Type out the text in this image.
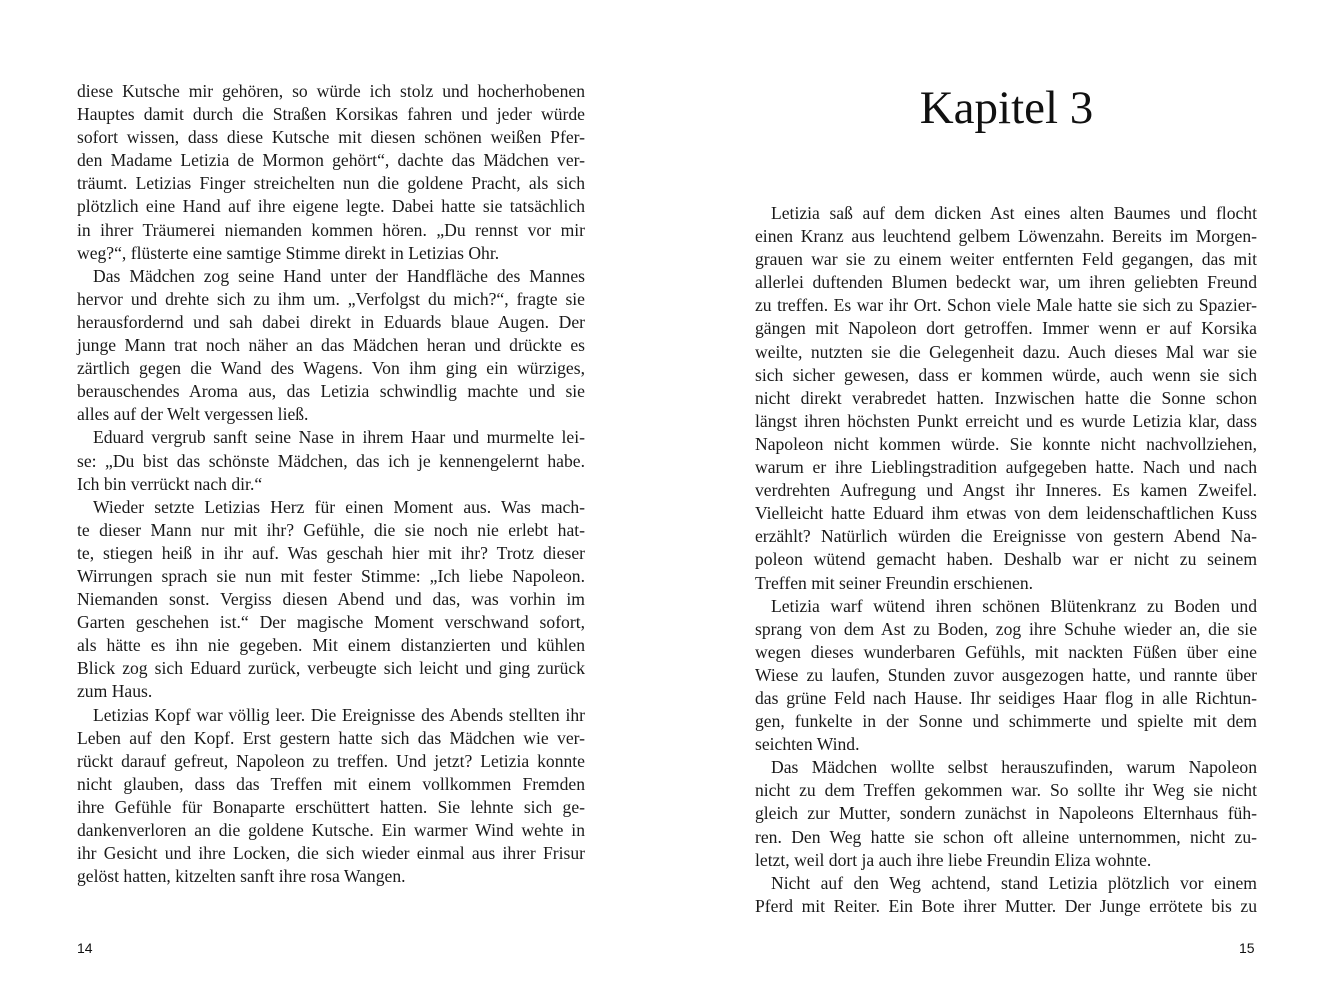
diese Kutsche mir gehören, so würde ich stolz und hocherhobenen
Hauptes damit durch die Straßen Korsikas fahren und jeder würde
sofort wissen, dass diese Kutsche mit diesen schönen weißen Pfer-
den Madame Letizia de Mormon gehört“, dachte das Mädchen ver-
träumt. Letizias Finger streichelten nun die goldene Pracht, als sich
plötzlich eine Hand auf ihre eigene legte. Dabei hatte sie tatsächlich
in ihrer Träumerei niemanden kommen hören. „Du rennst vor mir
weg?“, flüsterte eine samtige Stimme direkt in Letizias Ohr.
Das Mädchen zog seine Hand unter der Handfläche des Mannes
hervor und drehte sich zu ihm um. „Verfolgst du mich?“, fragte sie
herausfordernd und sah dabei direkt in Eduards blaue Augen. Der
junge Mann trat noch näher an das Mädchen heran und drückte es
zärtlich gegen die Wand des Wagens. Von ihm ging ein würziges,
berauschendes Aroma aus, das Letizia schwindlig machte und sie
alles auf der Welt vergessen ließ.
Eduard vergrub sanft seine Nase in ihrem Haar und murmelte lei-
se: „Du bist das schönste Mädchen, das ich je kennengelernt habe.
Ich bin verrückt nach dir.“
Wieder setzte Letizias Herz für einen Moment aus. Was mach-
te dieser Mann nur mit ihr? Gefühle, die sie noch nie erlebt hat-
te, stiegen heiß in ihr auf. Was geschah hier mit ihr? Trotz dieser
Wirrungen sprach sie nun mit fester Stimme: „Ich liebe Napoleon.
Niemanden sonst. Vergiss diesen Abend und das, was vorhin im
Garten geschehen ist.“ Der magische Moment verschwand sofort,
als hätte es ihn nie gegeben. Mit einem distanzierten und kühlen
Blick zog sich Eduard zurück, verbeugte sich leicht und ging zurück
zum Haus.
Letizias Kopf war völlig leer. Die Ereignisse des Abends stellten ihr
Leben auf den Kopf. Erst gestern hatte sich das Mädchen wie ver-
rückt darauf gefreut, Napoleon zu treffen. Und jetzt? Letizia konnte
nicht glauben, dass das Treffen mit einem vollkommen Fremden
ihre Gefühle für Bonaparte erschüttert hatten. Sie lehnte sich ge-
dankenverloren an die goldene Kutsche. Ein warmer Wind wehte in
ihr Gesicht und ihre Locken, die sich wieder einmal aus ihrer Frisur
gelöst hatten, kitzelten sanft ihre rosa Wangen.
14
Kapitel 3
Letizia saß auf dem dicken Ast eines alten Baumes und flocht
einen Kranz aus leuchtend gelbem Löwenzahn. Bereits im Morgen-
grauen war sie zu einem weiter entfernten Feld gegangen, das mit
allerlei duftenden Blumen bedeckt war, um ihren geliebten Freund
zu treffen. Es war ihr Ort. Schon viele Male hatte sie sich zu Spazier-
gängen mit Napoleon dort getroffen. Immer wenn er auf Korsika
weilte, nutzten sie die Gelegenheit dazu. Auch dieses Mal war sie
sich sicher gewesen, dass er kommen würde, auch wenn sie sich
nicht direkt verabredet hatten. Inzwischen hatte die Sonne schon
längst ihren höchsten Punkt erreicht und es wurde Letizia klar, dass
Napoleon nicht kommen würde. Sie konnte nicht nachvollziehen,
warum er ihre Lieblingstradition aufgegeben hatte. Nach und nach
verdrehten Aufregung und Angst ihr Inneres. Es kamen Zweifel.
Vielleicht hatte Eduard ihm etwas von dem leidenschaftlichen Kuss
erzählt? Natürlich würden die Ereignisse von gestern Abend Na-
poleon wütend gemacht haben. Deshalb war er nicht zu seinem
Treffen mit seiner Freundin erschienen.
Letizia warf wütend ihren schönen Blütenkranz zu Boden und
sprang von dem Ast zu Boden, zog ihre Schuhe wieder an, die sie
wegen dieses wunderbaren Gefühls, mit nackten Füßen über eine
Wiese zu laufen, Stunden zuvor ausgezogen hatte, und rannte über
das grüne Feld nach Hause. Ihr seidiges Haar flog in alle Richtun-
gen, funkelte in der Sonne und schimmerte und spielte mit dem
seichten Wind.
Das Mädchen wollte selbst herauszufinden, warum Napoleon
nicht zu dem Treffen gekommen war. So sollte ihr Weg sie nicht
gleich zur Mutter, sondern zunächst in Napoleons Elternhaus füh-
ren. Den Weg hatte sie schon oft alleine unternommen, nicht zu-
letzt, weil dort ja auch ihre liebe Freundin Eliza wohnte.
Nicht auf den Weg achtend, stand Letizia plötzlich vor einem
Pferd mit Reiter. Ein Bote ihrer Mutter. Der Junge errötete bis zu
15
